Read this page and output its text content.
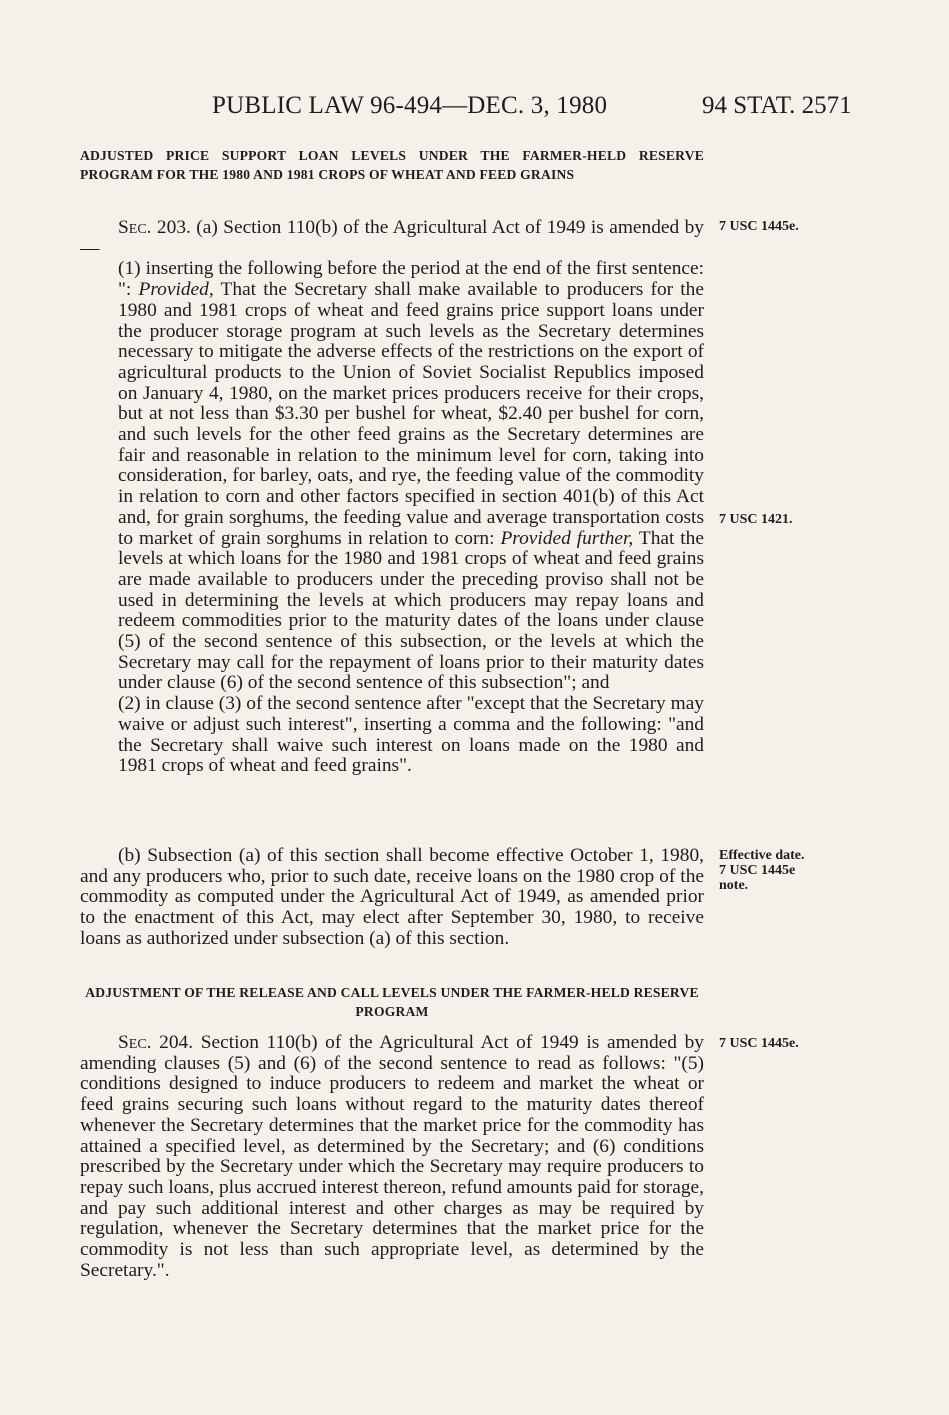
PUBLIC LAW 96-494—DEC. 3, 1980	94 STAT. 2571
ADJUSTED PRICE SUPPORT LOAN LEVELS UNDER THE FARMER-HELD RESERVE PROGRAM FOR THE 1980 AND 1981 CROPS OF WHEAT AND FEED GRAINS

Sec. 203. (a) Section 110(b) of the Agricultural Act of 1949 is amended by—

(1) inserting the following before the period at the end of the first sentence: ": Provided, That the Secretary shall make available to producers for the 1980 and 1981 crops of wheat and feed grains price support loans under the producer storage program at such levels as the Secretary determines necessary to mitigate the adverse effects of the restrictions on the export of agricultural products to the Union of Soviet Socialist Republics imposed on January 4, 1980, on the market prices producers receive for their crops, but at not less than $3.30 per bushel for wheat, $2.40 per bushel for corn, and such levels for the other feed grains as the Secretary determines are fair and reasonable in relation to the minimum level for corn, taking into consideration, for barley, oats, and rye, the feeding value of the commodity in relation to corn and other factors specified in section 401(b) of this Act and, for grain sorghums, the feeding value and average transportation costs to market of grain sorghums in relation to corn: Provided further, That the levels at which loans for the 1980 and 1981 crops of wheat and feed grains are made available to producers under the preceding proviso shall not be used in determining the levels at which producers may repay loans and redeem commodities prior to the maturity dates of the loans under clause (5) of the second sentence of this subsection, or the levels at which the Secretary may call for the repayment of loans prior to their maturity dates under clause (6) of the second sentence of this subsection"; and

(2) in clause (3) of the second sentence after "except that the Secretary may waive or adjust such interest", inserting a comma and the following: "and the Secretary shall waive such interest on loans made on the 1980 and 1981 crops of wheat and feed grains".

(b) Subsection (a) of this section shall become effective October 1, 1980, and any producers who, prior to such date, receive loans on the 1980 crop of the commodity as computed under the Agricultural Act of 1949, as amended prior to the enactment of this Act, may elect after September 30, 1980, to receive loans as authorized under subsection (a) of this section.

ADJUSTMENT OF THE RELEASE AND CALL LEVELS UNDER THE FARMER-HELD RESERVE PROGRAM

Sec. 204. Section 110(b) of the Agricultural Act of 1949 is amended by amending clauses (5) and (6) of the second sentence to read as follows: "(5) conditions designed to induce producers to redeem and market the wheat or feed grains securing such loans without regard to the maturity dates thereof whenever the Secretary determines that the market price for the commodity has attained a specified level, as determined by the Secretary; and (6) conditions prescribed by the Secretary under which the Secretary may require producers to repay such loans, plus accrued interest thereon, refund amounts paid for storage, and pay such additional interest and other charges as may be required by regulation, whenever the Secretary determines that the market price for the commodity is not less than such appropriate level, as determined by the Secretary.".

7 USC 1445e.
7 USC 1421.
Effective date.
7 USC 1445e
note.
7 USC 1445e.
